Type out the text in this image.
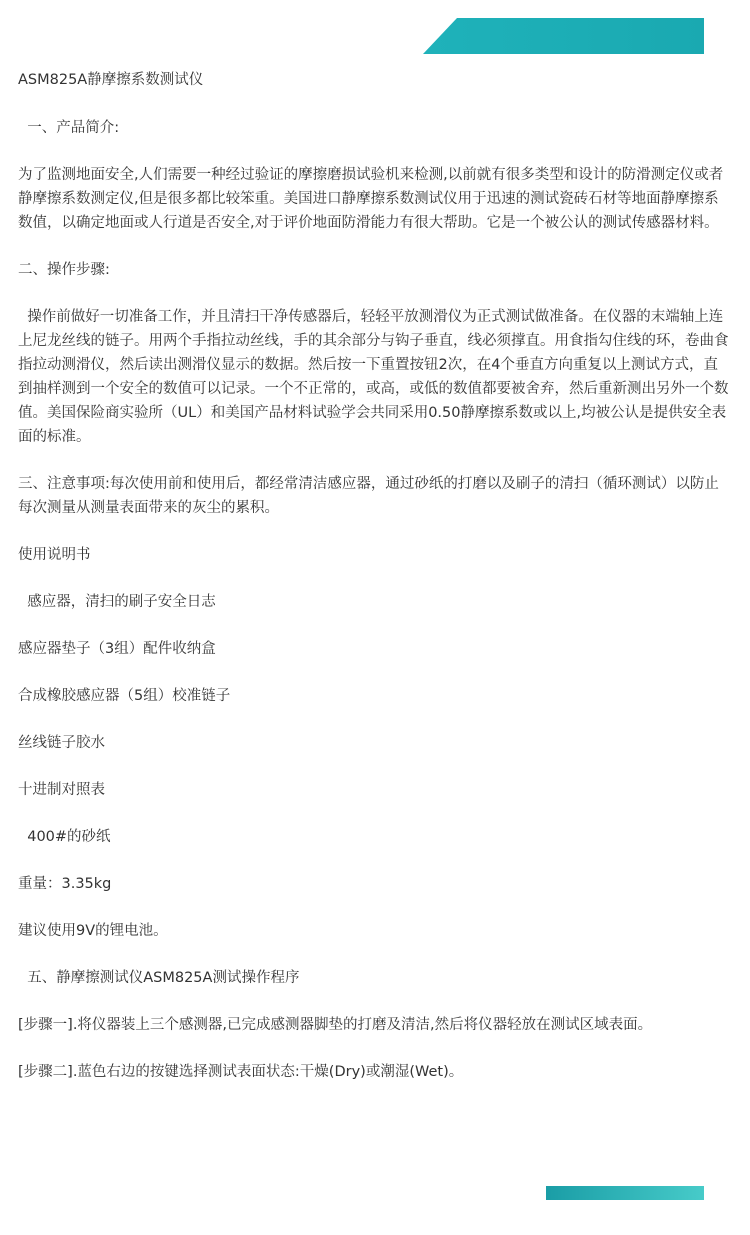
ASM825A静摩擦系数测试仪

一、产品简介:

为了监测地面安全,人们需要一种经过验证的摩擦磨损试验机来检测,以前就有很多类型和设计的防滑测定仪或者静摩擦系数测定仪,但是很多都比较笨重。美国进口静摩擦系数测试仪用于迅速的测试瓷砖石材等地面静摩擦系数值，以确定地面或人行道是否安全,对于评价地面防滑能力有很大帮助。它是一个被公认的测试传感器材料。

二、操作步骤:

操作前做好一切准备工作，并且清扫干净传感器后，轻轻平放测滑仪为正式测试做准备。在仪器的末端轴上连上尼龙丝线的链子。用两个手指拉动丝线，手的其余部分与钩子垂直，线必须撑直。用食指勾住线的环，卷曲食指拉动测滑仪，然后读出测滑仪显示的数据。然后按一下重置按钮2次，在4个垂直方向重复以上测试方式，直到抽样测到一个安全的数值可以记录。一个不正常的，或高，或低的数值都要被舍弃，然后重新测出另外一个数值。美国保险商实验所（UL）和美国产品材料试验学会共同采用0.50静摩擦系数或以上,均被公认是提供安全表面的标准。

三、注意事项:每次使用前和使用后，都经常清洁感应器，通过砂纸的打磨以及刷子的清扫（循环测试）以防止每次测量从测量表面带来的灰尘的累积。

使用说明书

感应器，清扫的刷子安全日志

感应器垫子（3组）配件收纳盒

合成橡胶感应器（5组）校准链子

丝线链子胶水

十进制对照表

400#的砂纸

重量：3.35kg

建议使用9V的锂电池。

五、静摩擦测试仪ASM825A测试操作程序

[步骤一].将仪器装上三个感测器,已完成感测器脚垫的打磨及清洁,然后将仪器轻放在测试区域表面。

[步骤二].蓝色右边的按键选择测试表面状态:干燥(Dry)或潮湿(Wet)。
